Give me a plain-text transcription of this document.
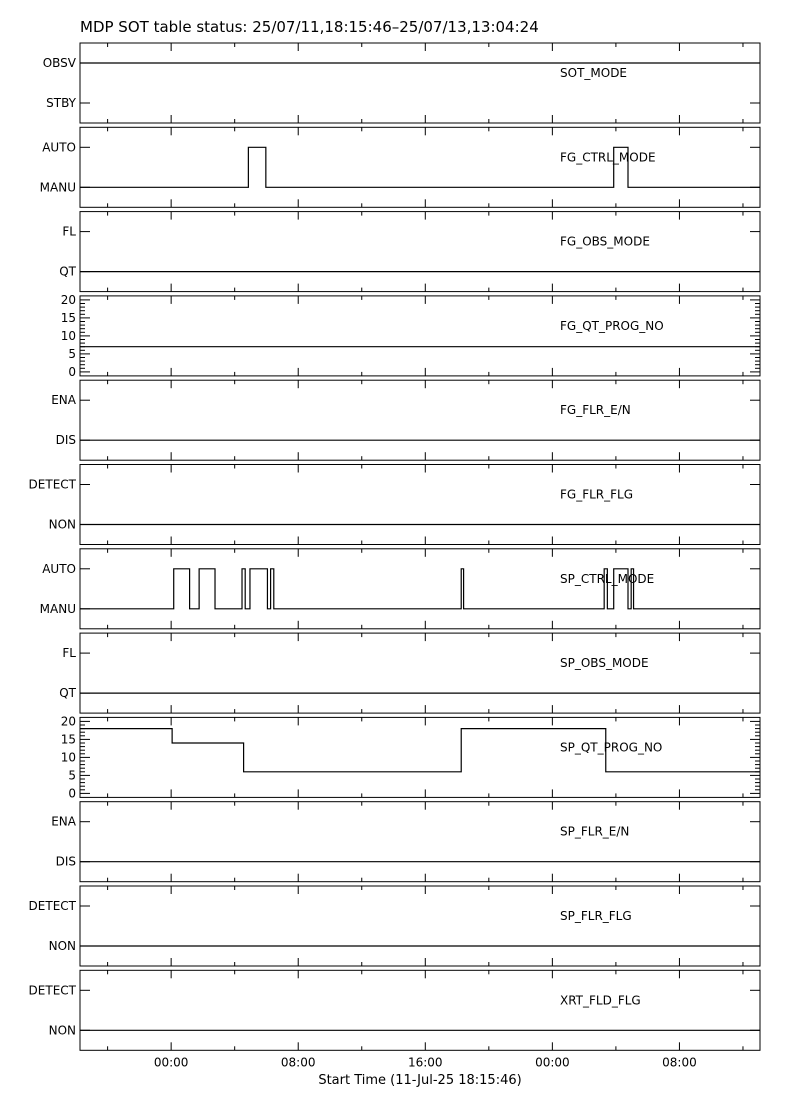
MDP SOT table status: 25/07/11,18:15:46–25/07/13,13:04:24
OBSV
STBY
SOT_MODE
AUTO
MANU
FG_CTRL_MODE
FL
QT
FG_OBS_MODE
0
5
10
15
20
FG_QT_PROG_NO
ENA
DIS
FG_FLR_E/N
DETECT
NON
FG_FLR_FLG
AUTO
MANU
SP_CTRL_MODE
FL
QT
SP_OBS_MODE
0
5
10
15
20
SP_QT_PROG_NO
ENA
DIS
SP_FLR_E/N
DETECT
NON
SP_FLR_FLG
DETECT
NON
XRT_FLD_FLG
00:00	08:00	16:00	00:00	08:00
Start Time (11-Jul-25 18:15:46)
